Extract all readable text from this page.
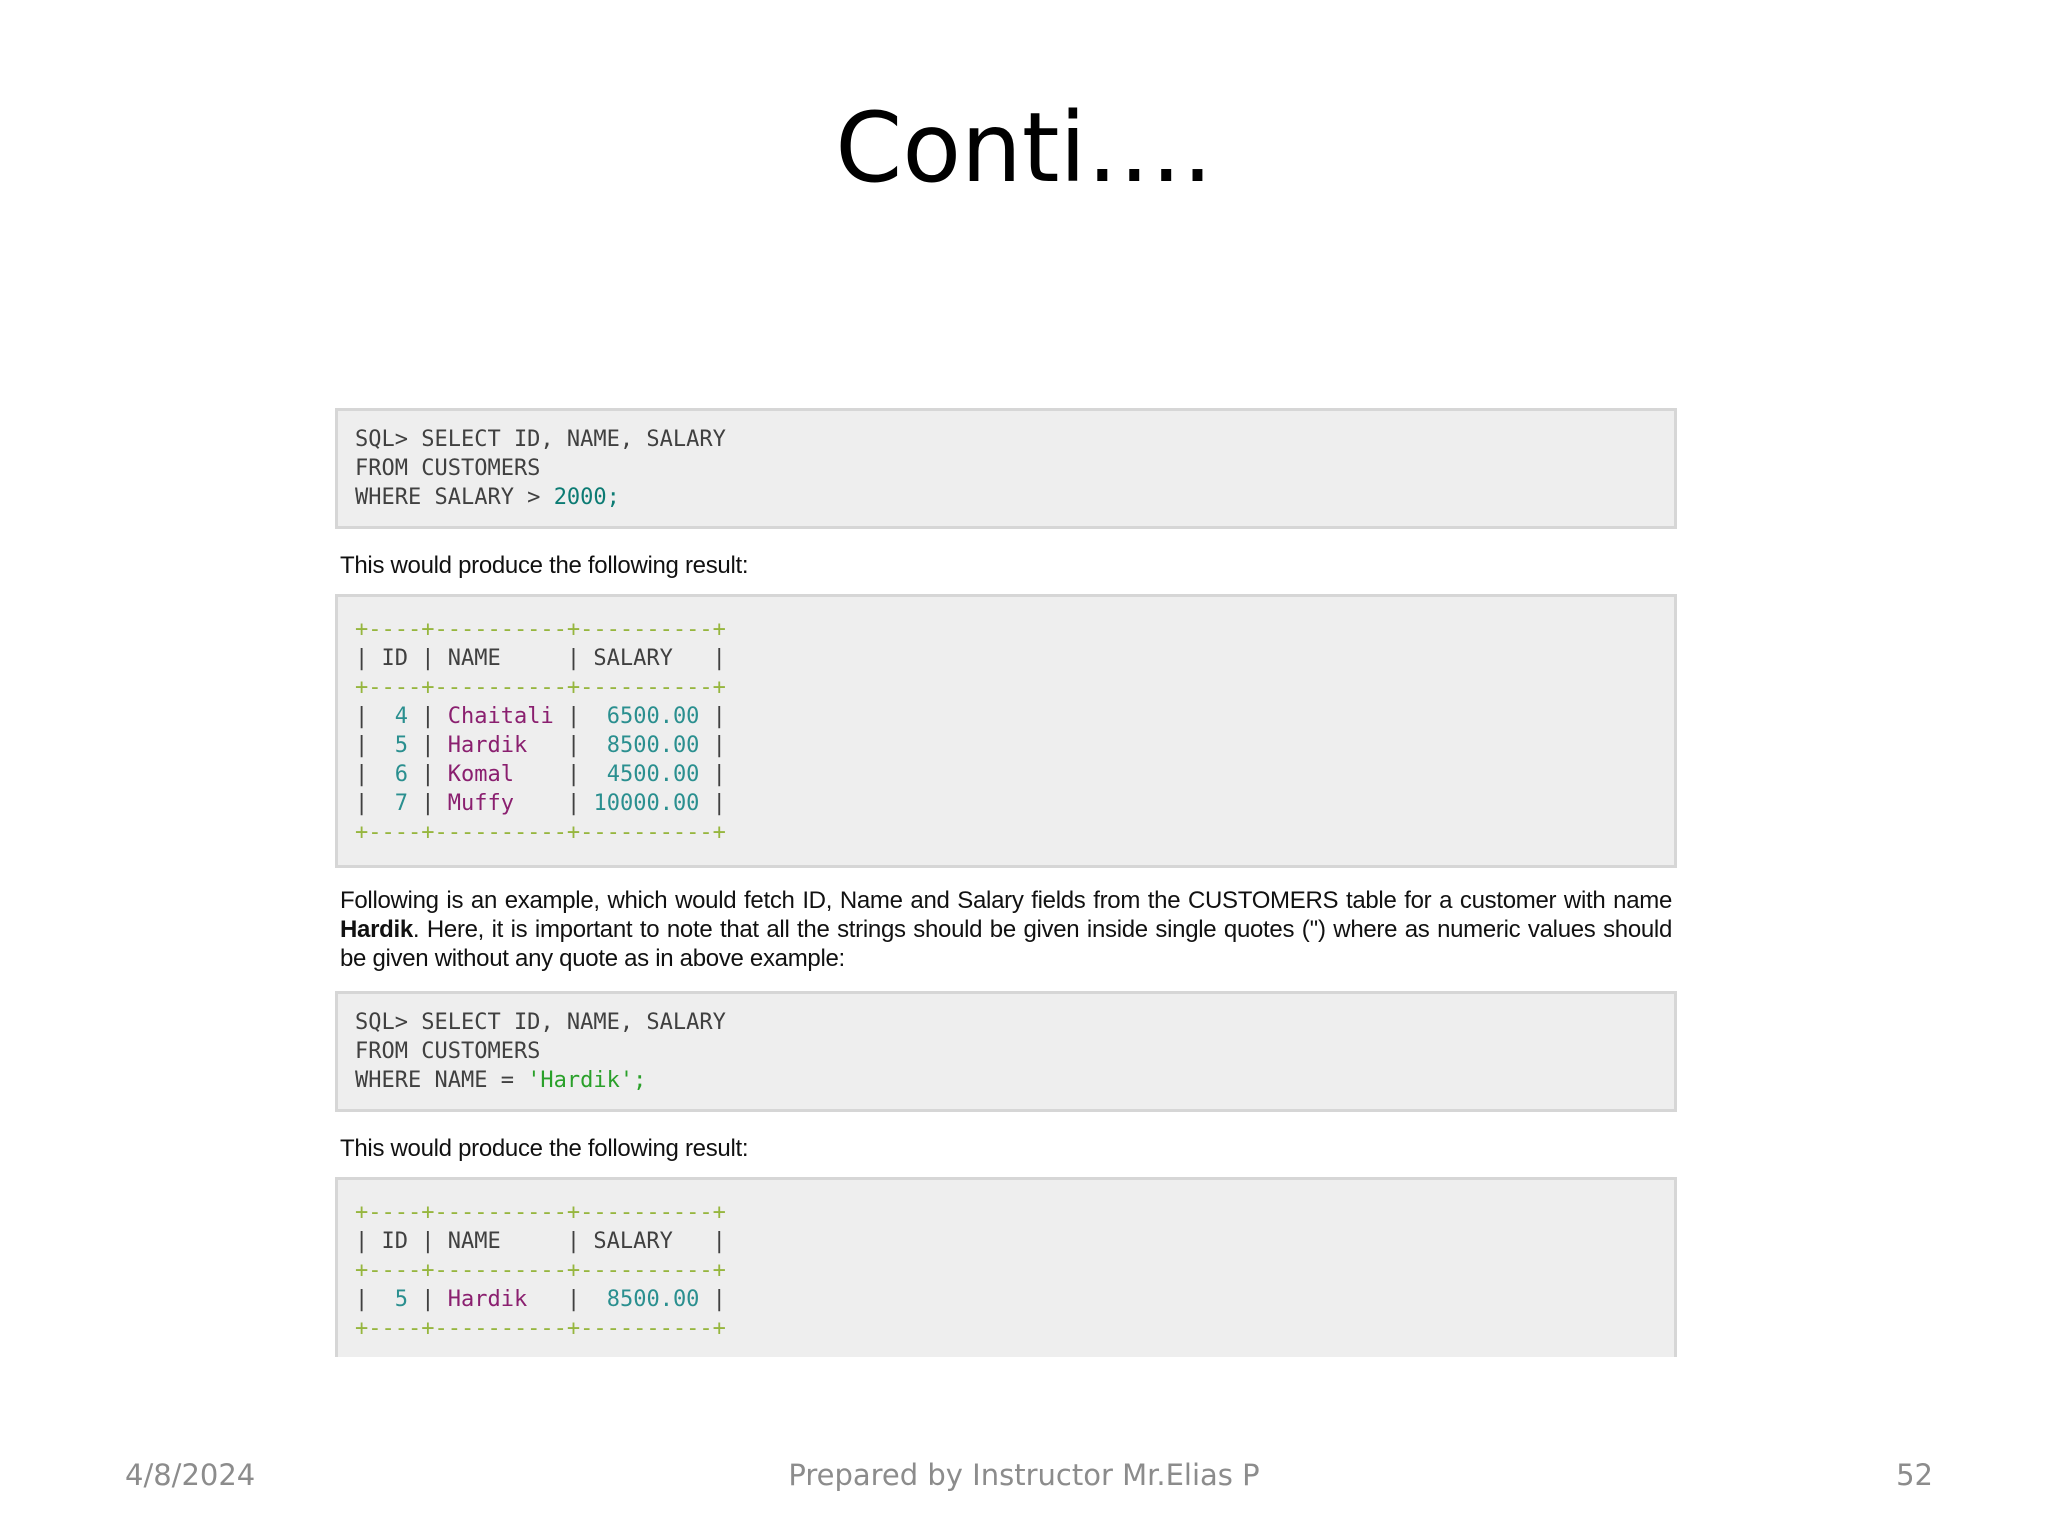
Conti….
SQL> SELECT ID, NAME, SALARY
FROM CUSTOMERS
WHERE SALARY > 2000;
This would produce the following result:
+----+----------+----------+
| ID | NAME     | SALARY   |
+----+----------+----------+
|  4 | Chaitali |  6500.00 |
|  5 | Hardik   |  8500.00 |
|  6 | Komal    |  4500.00 |
|  7 | Muffy    | 10000.00 |
+----+----------+----------+
Following is an example, which would fetch ID, Name and Salary fields from the CUSTOMERS table for a customer with name Hardik. Here, it is important to note that all the strings should be given inside single quotes ('') where as numeric values should be given without any quote as in above example:
SQL> SELECT ID, NAME, SALARY
FROM CUSTOMERS
WHERE NAME = 'Hardik';
This would produce the following result:
+----+----------+----------+
| ID | NAME     | SALARY   |
+----+----------+----------+
|  5 | Hardik   |  8500.00 |
+----+----------+----------+
4/8/2024	Prepared by Instructor Mr.Elias P	52
